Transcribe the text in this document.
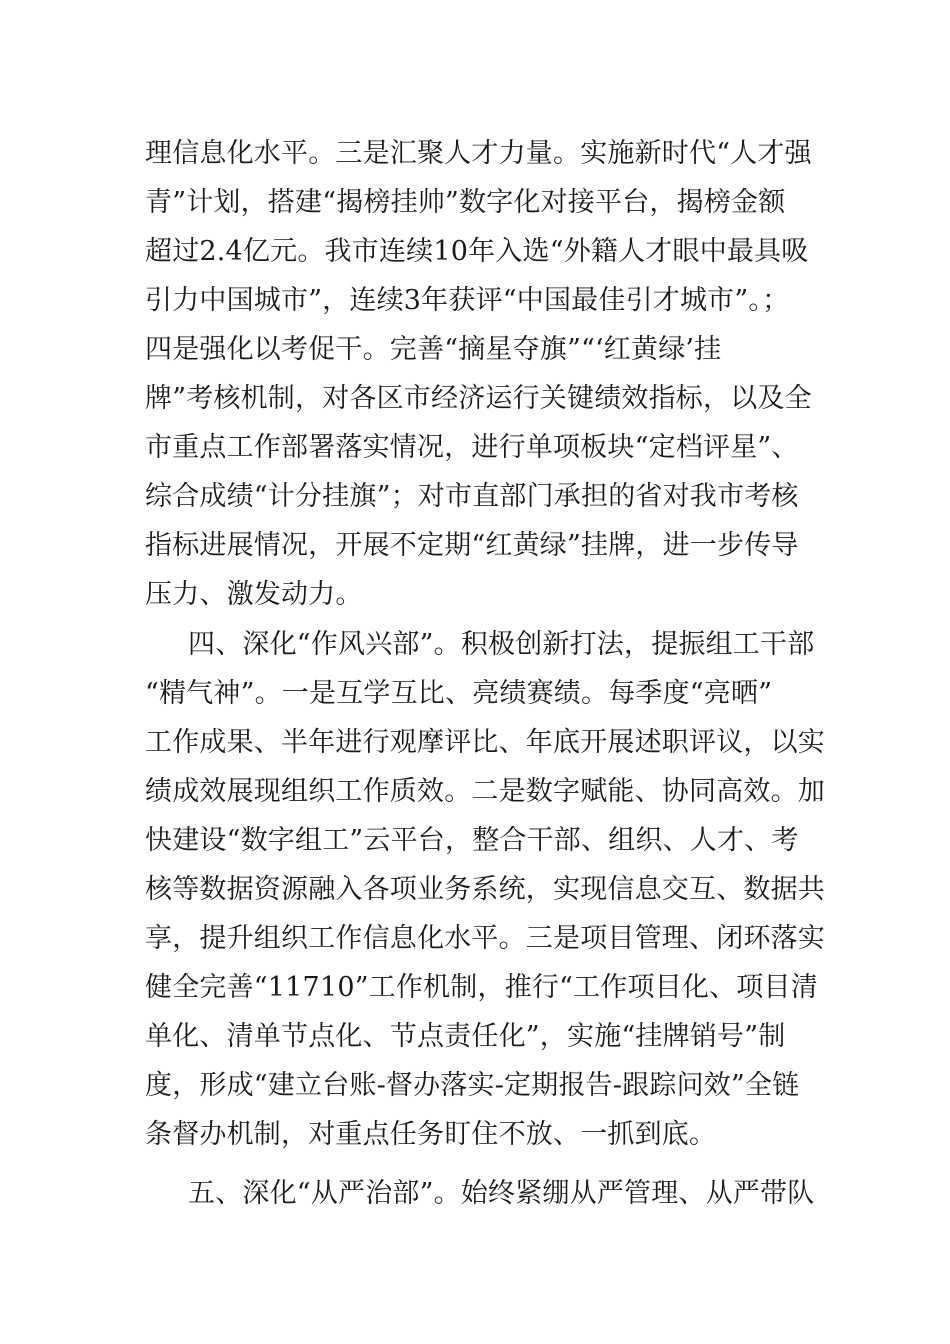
理信息化水平。三是汇聚人才力量。实施新时代“人才强
青”计划，搭建“揭榜挂帅”数字化对接平台，揭榜金额
超过2.4亿元。我市连续10年入选“外籍人才眼中最具吸
引力中国城市”，连续3年获评“中国最佳引才城市”。；
四是强化以考促干。完善“摘星夺旗”“‘红黄绿’挂
牌”考核机制，对各区市经济运行关键绩效指标，以及全
市重点工作部署落实情况，进行单项板块“定档评星”、
综合成绩“计分挂旗”；对市直部门承担的省对我市考核
指标进展情况，开展不定期“红黄绿”挂牌，进一步传导
压力、激发动力。
四、深化“作风兴部”。积极创新打法，提振组工干部
“精气神”。一是互学互比、亮绩赛绩。每季度“亮晒”
工作成果、半年进行观摩评比、年底开展述职评议，以实
绩成效展现组织工作质效。二是数字赋能、协同高效。加
快建设“数字组工”云平台，整合干部、组织、人才、考
核等数据资源融入各项业务系统，实现信息交互、数据共
享，提升组织工作信息化水平。三是项目管理、闭环落实
健全完善“11710”工作机制，推行“工作项目化、项目清
单化、清单节点化、节点责任化”，实施“挂牌销号”制
度，形成“建立台账-督办落实-定期报告-跟踪问效”全链
条督办机制，对重点任务盯住不放、一抓到底。
五、深化“从严治部”。始终紧绷从严管理、从严带队
